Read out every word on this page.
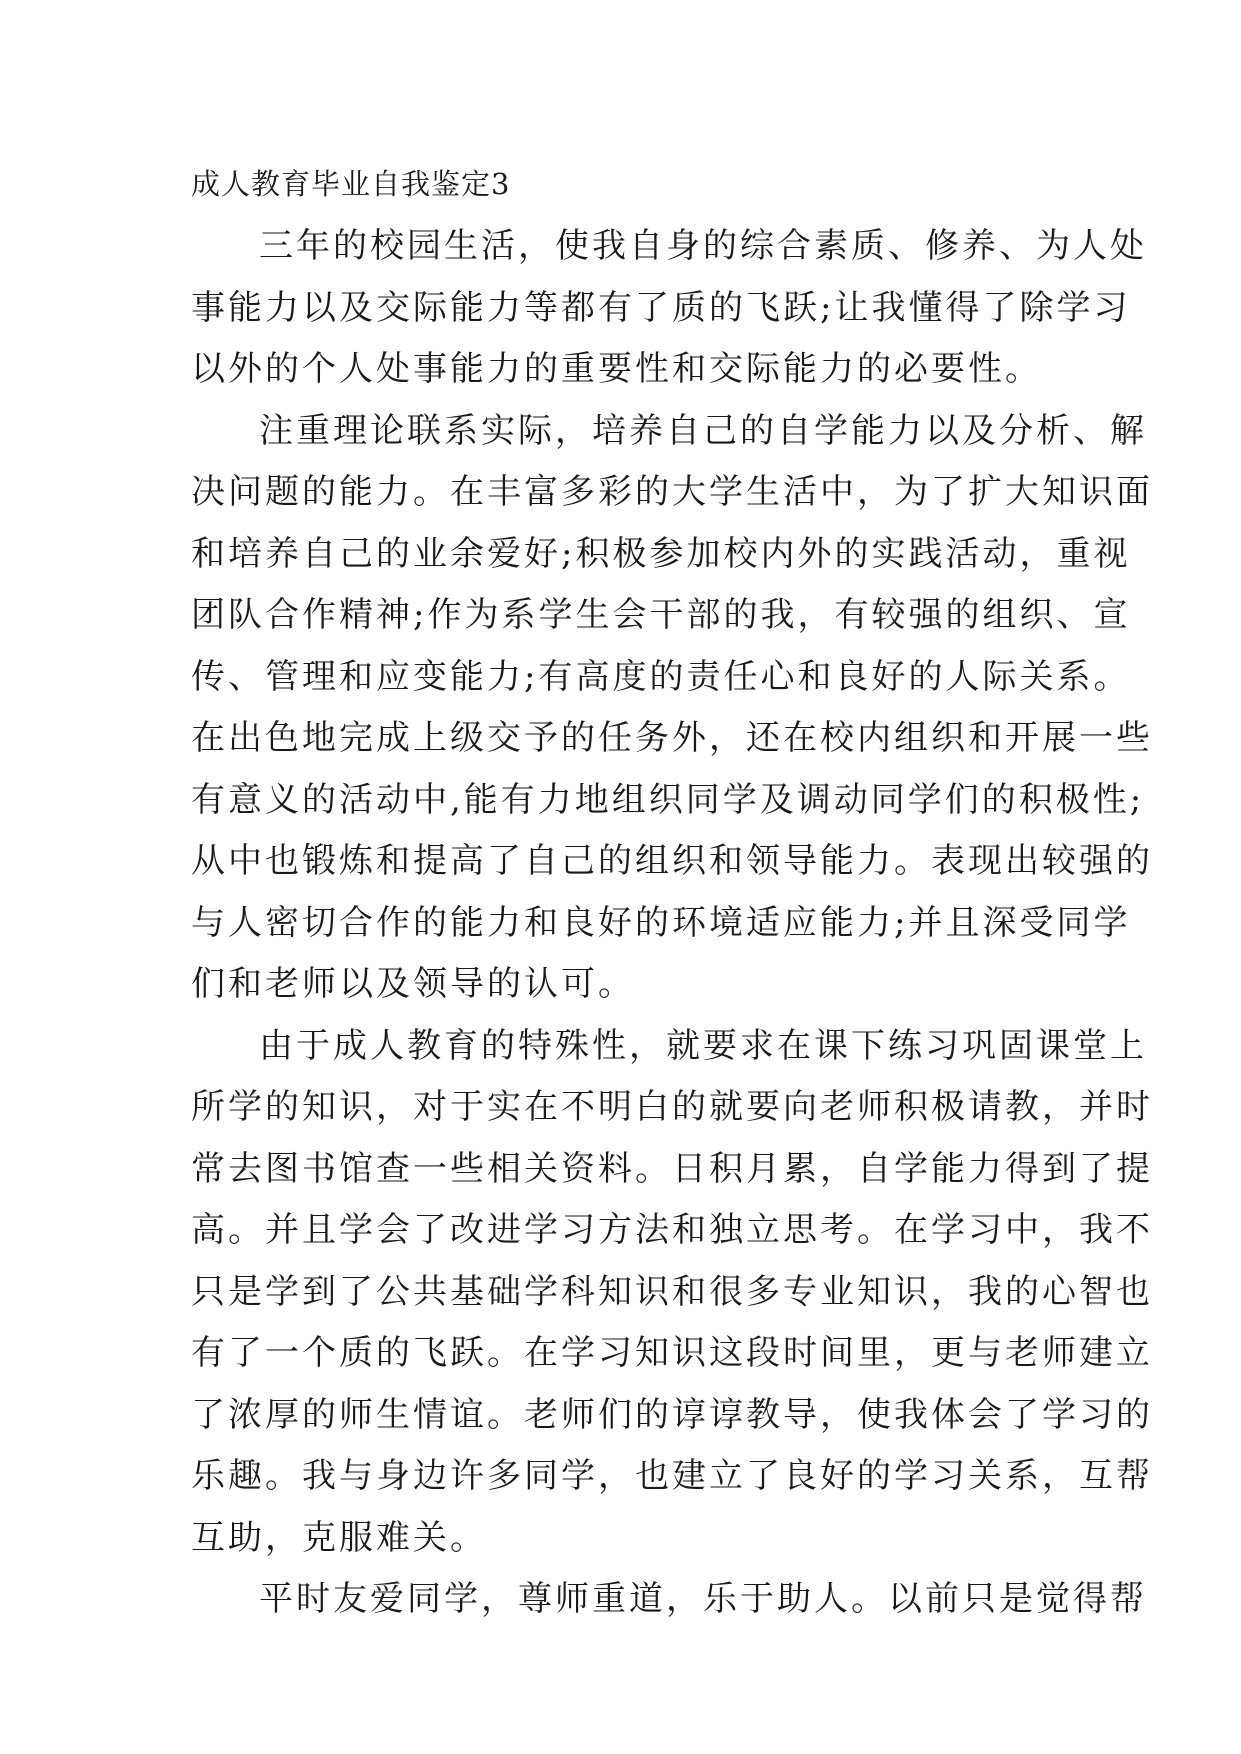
成人教育毕业自我鉴定3

三年的校园生活，使我自身的综合素质、修养、为人处
事能力以及交际能力等都有了质的飞跃;让我懂得了除学习
以外的个人处事能力的重要性和交际能力的必要性。

注重理论联系实际，培养自己的自学能力以及分析、解
决问题的能力。在丰富多彩的大学生活中，为了扩大知识面
和培养自己的业余爱好;积极参加校内外的实践活动，重视
团队合作精神;作为系学生会干部的我，有较强的组织、宣
传、管理和应变能力;有高度的责任心和良好的人际关系。
在出色地完成上级交予的任务外，还在校内组织和开展一些
有意义的活动中,能有力地组织同学及调动同学们的积极性;
从中也锻炼和提高了自己的组织和领导能力。表现出较强的
与人密切合作的能力和良好的环境适应能力;并且深受同学
们和老师以及领导的认可。

由于成人教育的特殊性，就要求在课下练习巩固课堂上
所学的知识，对于实在不明白的就要向老师积极请教，并时
常去图书馆查一些相关资料。日积月累，自学能力得到了提
高。并且学会了改进学习方法和独立思考。在学习中，我不
只是学到了公共基础学科知识和很多专业知识，我的心智也
有了一个质的飞跃。在学习知识这段时间里，更与老师建立
了浓厚的师生情谊。老师们的谆谆教导，使我体会了学习的
乐趣。我与身边许多同学，也建立了良好的学习关系，互帮
互助，克服难关。

平时友爱同学，尊师重道，乐于助人。以前只是觉得帮
